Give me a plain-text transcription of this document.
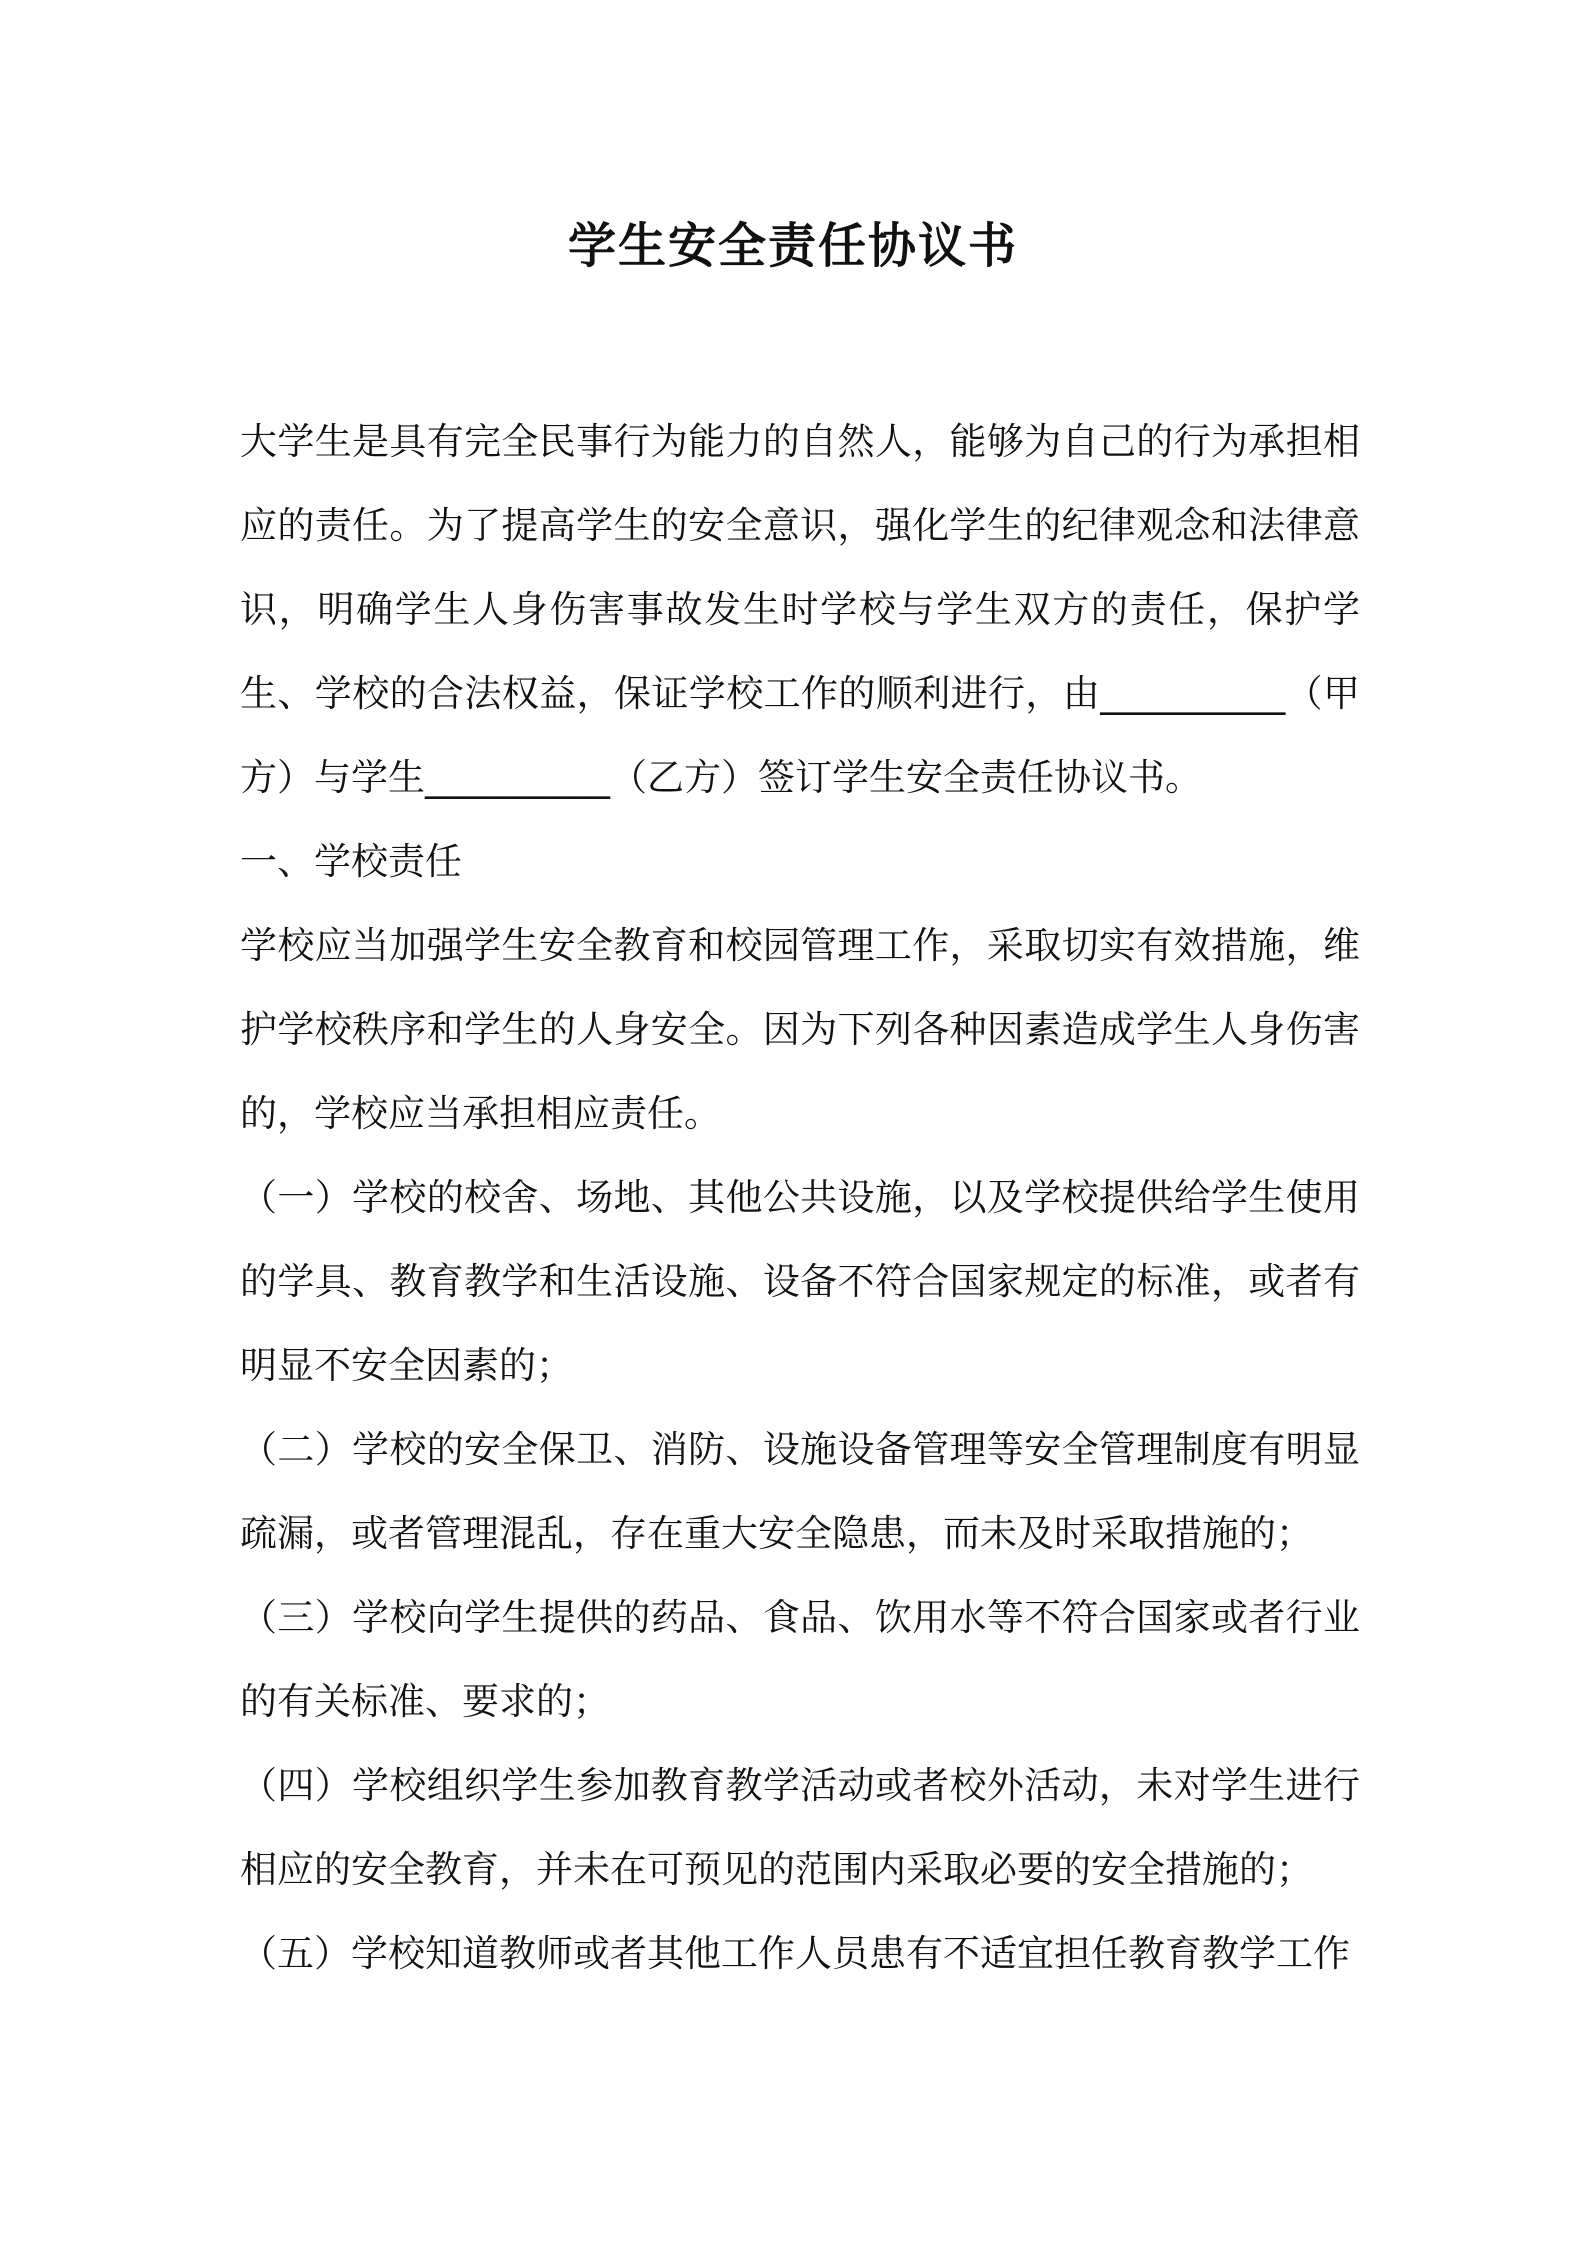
学生安全责任协议书

大学生是具有完全民事行为能力的自然人，能够为自己的行为承担相应的责任。为了提高学生的安全意识，强化学生的纪律观念和法律意识，明确学生人身伤害事故发生时学校与学生双方的责任，保护学生、学校的合法权益，保证学校工作的顺利进行，由__________（甲方）与学生__________（乙方）签订学生安全责任协议书。

一、学校责任

学校应当加强学生安全教育和校园管理工作，采取切实有效措施，维护学校秩序和学生的人身安全。因为下列各种因素造成学生人身伤害的，学校应当承担相应责任。

（一）学校的校舍、场地、其他公共设施，以及学校提供给学生使用的学具、教育教学和生活设施、设备不符合国家规定的标准，或者有明显不安全因素的；

（二）学校的安全保卫、消防、设施设备管理等安全管理制度有明显疏漏，或者管理混乱，存在重大安全隐患，而未及时采取措施的；

（三）学校向学生提供的药品、食品、饮用水等不符合国家或者行业的有关标准、要求的；

（四）学校组织学生参加教育教学活动或者校外活动，未对学生进行相应的安全教育，并未在可预见的范围内采取必要的安全措施的；

（五）学校知道教师或者其他工作人员患有不适宜担任教育教学工作
